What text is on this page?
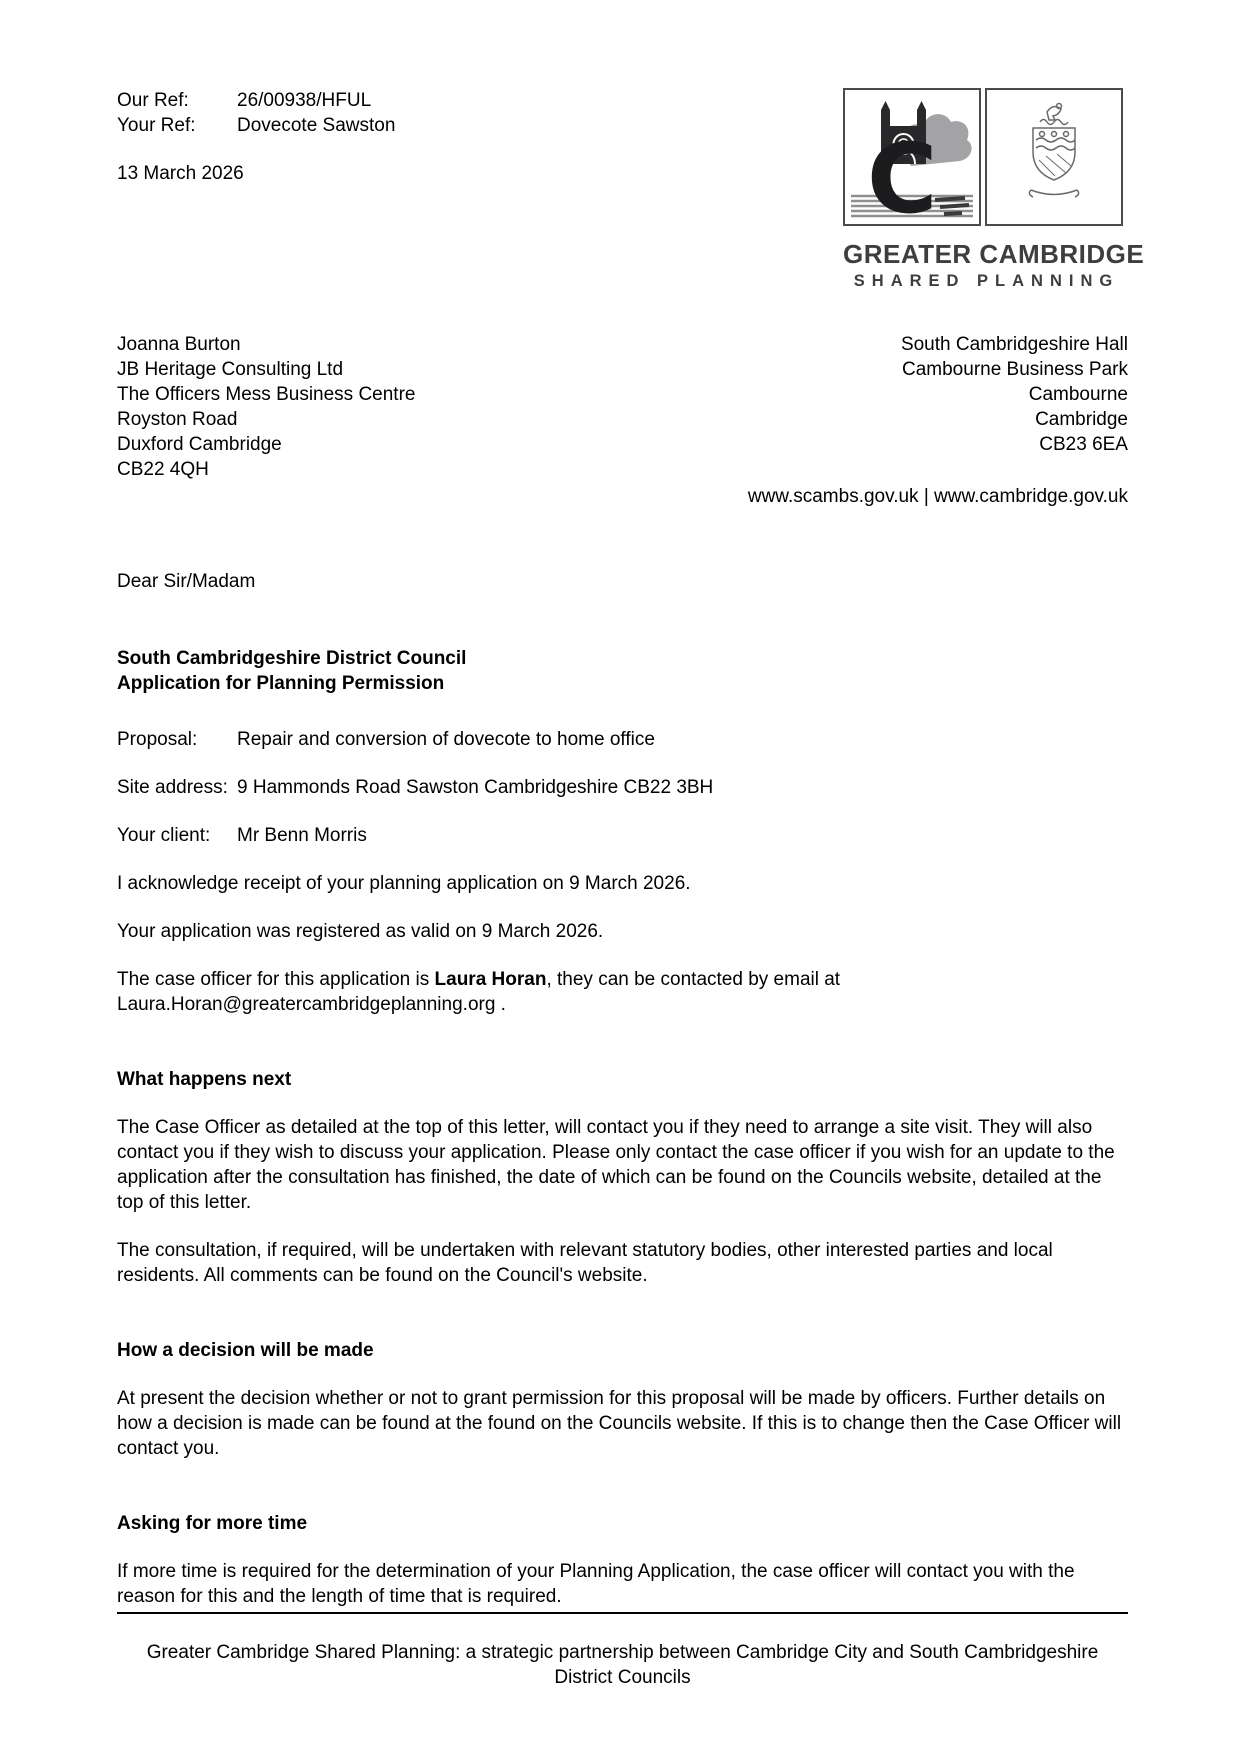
Our Ref:	26/00938/HFUL
Your Ref:	Dovecote Sawston
13 March 2026	C
GREATER CAMBRIDGE
SHARED PLANNING
Joanna Burton
JB Heritage Consulting Ltd
The Officers Mess Business Centre
Royston Road
Duxford Cambridge
CB22 4QH
South Cambridgeshire Hall
Cambourne Business Park
Cambourne
Cambridge
CB23 6EA
www.scambs.gov.uk | www.cambridge.gov.uk
Dear Sir/Madam
South Cambridgeshire District Council
Application for Planning Permission
Proposal:	Repair and conversion of dovecote to home office
Site address: 9 Hammonds Road Sawston Cambridgeshire CB22 3BH
Your client:	Mr Benn Morris

I acknowledge receipt of your planning application on 9 March 2026.

Your application was registered as valid on 9 March 2026.

The case officer for this application is Laura Horan, they can be contacted by email at Laura.Horan@greatercambridgeplanning.org .

What happens next

The Case Officer as detailed at the top of this letter, will contact you if they need to arrange a site visit. They will also contact you if they wish to discuss your application. Please only contact the case officer if you wish for an update to the application after the consultation has finished, the date of which can be found on the Councils website, detailed at the top of this letter.

The consultation, if required, will be undertaken with relevant statutory bodies, other interested parties and local residents. All comments can be found on the Council's website.

How a decision will be made

At present the decision whether or not to grant permission for this proposal will be made by officers. Further details on how a decision is made can be found at the found on the Councils website. If this is to change then the Case Officer will contact you.

Asking for more time

If more time is required for the determination of your Planning Application, the case officer will contact you with the reason for this and the length of time that is required.

Greater Cambridge Shared Planning: a strategic partnership between Cambridge City and South Cambridgeshire District Councils
